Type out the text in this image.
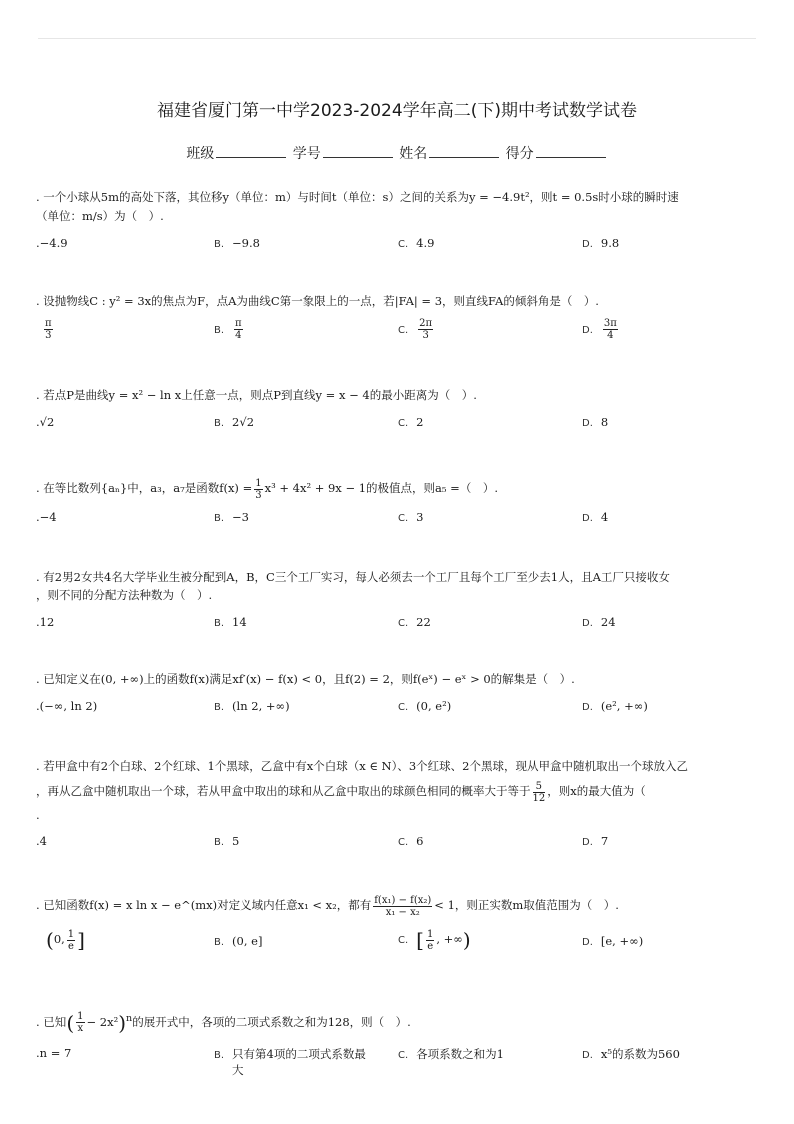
福建省厦门第一中学2023-2024学年高二(下)期中考试数学试卷
班级	学号	姓名	得分
. 一个小球从5m的高处下落，其位移y（单位：m）与时间t（单位：s）之间的关系为y = −4.9t²，则t = 0.5s时小球的瞬时速
（单位：m/s）为（　）.
.−4.9	B. −9.8	C. 4.9	D. 9.8
. 设抛物线C : y² = 3x的焦点为F，点A为曲线C第一象限上的一点，若|FA| = 3，则直线FA的倾斜角是（　）.
$\frac{\pi}{3}$	B. $\frac{\pi}{4}$	C. $\frac{2\pi}{3}$	D. $\frac{3\pi}{4}$
. 若点P是曲线y = x² − ln x上任意一点，则点P到直线y = x − 4的最小距离为（　）.
.√2	B. 2√2	C. 2	D. 8
. 在等比数列{aₙ}中，a₃，a₇是函数$f(x) = \frac{1}{3} x^3 + 4x^2 + 9x - 1$的极值点，则a₅ =（　）.
.−4	B. −3	C. 3	D. 4
. 有2男2女共4名大学毕业生被分配到A，B，C三个工厂实习，每人必须去一个工厂且每个工厂至少去1人，且A工厂只接收女
，则不同的分配方法种数为（　）.
.12	B. 14	C. 22	D. 24
. 已知定义在(0, +∞)上的函数f(x)满足xf′(x) − f(x) < 0，且f(2) = 2，则f(eˣ) − eˣ > 0的解集是（　）.
.(−∞, ln 2)	B. (ln 2, +∞)	C. (0, e²)	D. (e², +∞)
. 若甲盒中有2个白球、2个红球、1个黑球，乙盒中有x个白球（x ∈ N）、3个红球、2个黑球，现从甲盒中随机取出一个球放入乙
，再从乙盒中随机取出一个球，若从甲盒中取出的球和从乙盒中取出的球颜色相同的概率大于等于 $\frac{5}{12}$ ，则x的最大值为（
.
.4	B. 5	C. 6	D. 7
. 已知函数f(x) = x ln x − e^(mx)对定义域内任意x₁ < x₂，都有 $\frac{\text{f(x₁) − f(x₂)}}{\text{x₁ − x₂}} < 1$，则正实数m取值范围为（　）.
(0, $\frac{1}{e}$ ]	B. (0, e]	C. [ $\frac{1}{e}$ , +∞)	D. [e, +∞)
. 已知( $\frac{1}{x} - 2x^2)^n$的展开式中，各项的二项式系数之和为128，则（　）.
.n = 7	B. 只有第4项的二项式系数最
大
C. 各项系数之和为1	D. x⁵的系数为560
